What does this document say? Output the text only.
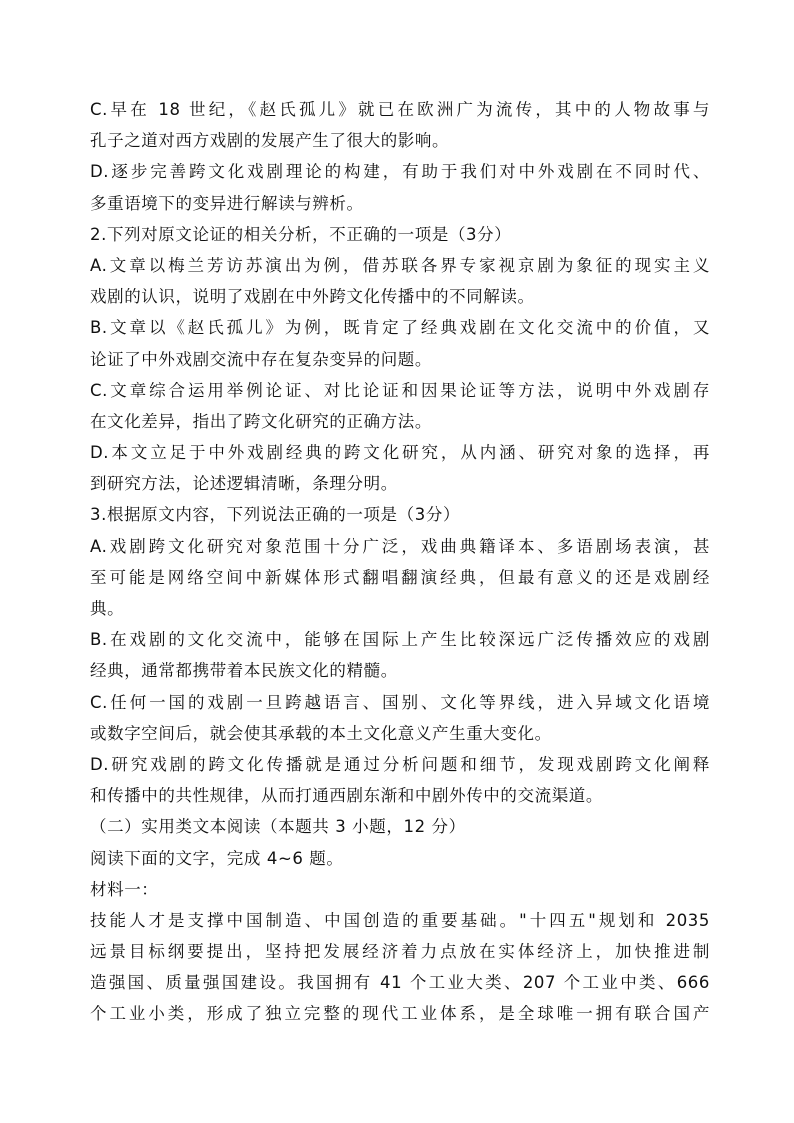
C.早在 18 世纪，《赵氏孤儿》就已在欧洲广为流传，其中的人物故事与
孔子之道对西方戏剧的发展产生了很大的影响。
D.逐步完善跨文化戏剧理论的构建，有助于我们对中外戏剧在不同时代、
多重语境下的变异进行解读与辨析。
2.下列对原文论证的相关分析，不正确的一项是（3分）
A.文章以梅兰芳访苏演出为例，借苏联各界专家视京剧为象征的现实主义
戏剧的认识，说明了戏剧在中外跨文化传播中的不同解读。
B.文章以《赵氏孤儿》为例，既肯定了经典戏剧在文化交流中的价值，又
论证了中外戏剧交流中存在复杂变异的问题。
C.文章综合运用举例论证、对比论证和因果论证等方法，说明中外戏剧存
在文化差异，指出了跨文化研究的正确方法。
D.本文立足于中外戏剧经典的跨文化研究，从内涵、研究对象的选择，再
到研究方法，论述逻辑清晰，条理分明。
3.根据原文内容，下列说法正确的一项是（3分）
A.戏剧跨文化研究对象范围十分广泛，戏曲典籍译本、多语剧场表演，甚
至可能是网络空间中新媒体形式翻唱翻演经典，但最有意义的还是戏剧经
典。
B.在戏剧的文化交流中，能够在国际上产生比较深远广泛传播效应的戏剧
经典，通常都携带着本民族文化的精髓。
C.任何一国的戏剧一旦跨越语言、国别、文化等界线，进入异域文化语境
或数字空间后，就会使其承载的本土文化意义产生重大变化。
D.研究戏剧的跨文化传播就是通过分析问题和细节，发现戏剧跨文化阐释
和传播中的共性规律，从而打通西剧东渐和中剧外传中的交流渠道。
（二）实用类文本阅读（本题共 3 小题，12 分）
阅读下面的文字，完成 4~6 题。
材料一：
技能人才是支撑中国制造、中国创造的重要基础。"十四五"规划和 2035
远景目标纲要提出，坚持把发展经济着力点放在实体经济上，加快推进制
造强国、质量强国建设。我国拥有 41 个工业大类、207 个工业中类、666
个工业小类，形成了独立完整的现代工业体系，是全球唯一拥有联合国产
